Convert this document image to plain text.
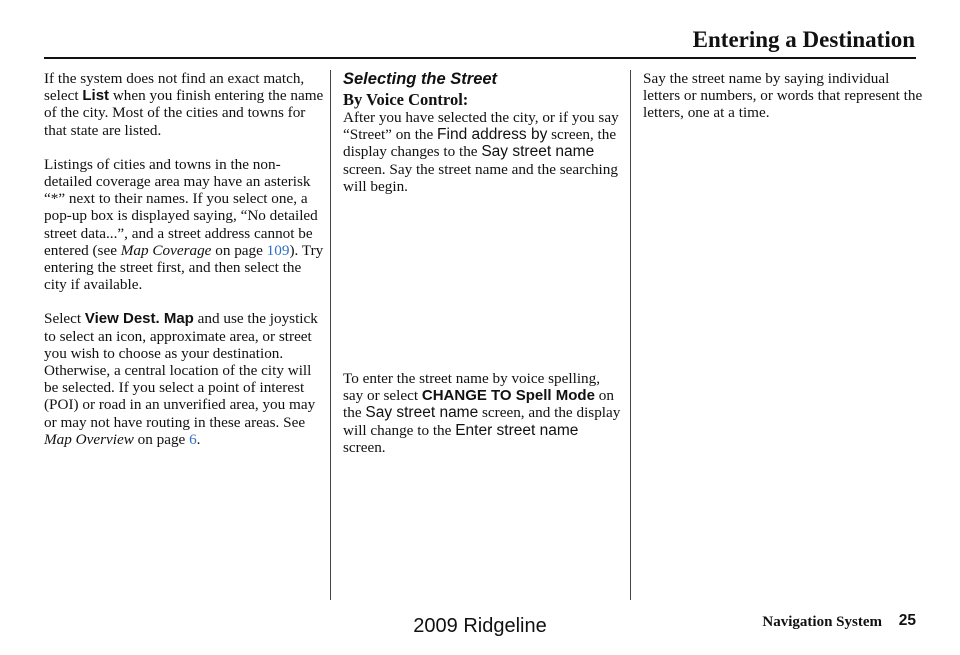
Entering a Destination

If the system does not find an exact match, select List when you finish entering the name of the city. Most of the cities and towns for that state are listed.

Listings of cities and towns in the non-detailed coverage area may have an asterisk “*” next to their names. If you select one, a pop-up box is displayed saying, “No detailed street data...”, and a street address cannot be entered (see Map Coverage on page 109). Try entering the street first, and then select the city if available.

Select View Dest. Map and use the joystick to select an icon, approximate area, or street you wish to choose as your destination. Otherwise, a central location of the city will be selected. If you select a point of interest (POI) or road in an unverified area, you may or may not have routing in these areas. See Map Overview on page 6.

Selecting the Street
By Voice Control:

After you have selected the city, or if you say “Street” on the Find address by screen, the display changes to the Say street name screen. Say the street name and the searching will begin.

To enter the street name by voice spelling, say or select CHANGE TO Spell Mode on the Say street name screen, and the display will change to the Enter street name screen.

Say the street name by saying individual letters or numbers, or words that represent the letters, one at a time.

Navigation System 25
2009 Ridgeline
